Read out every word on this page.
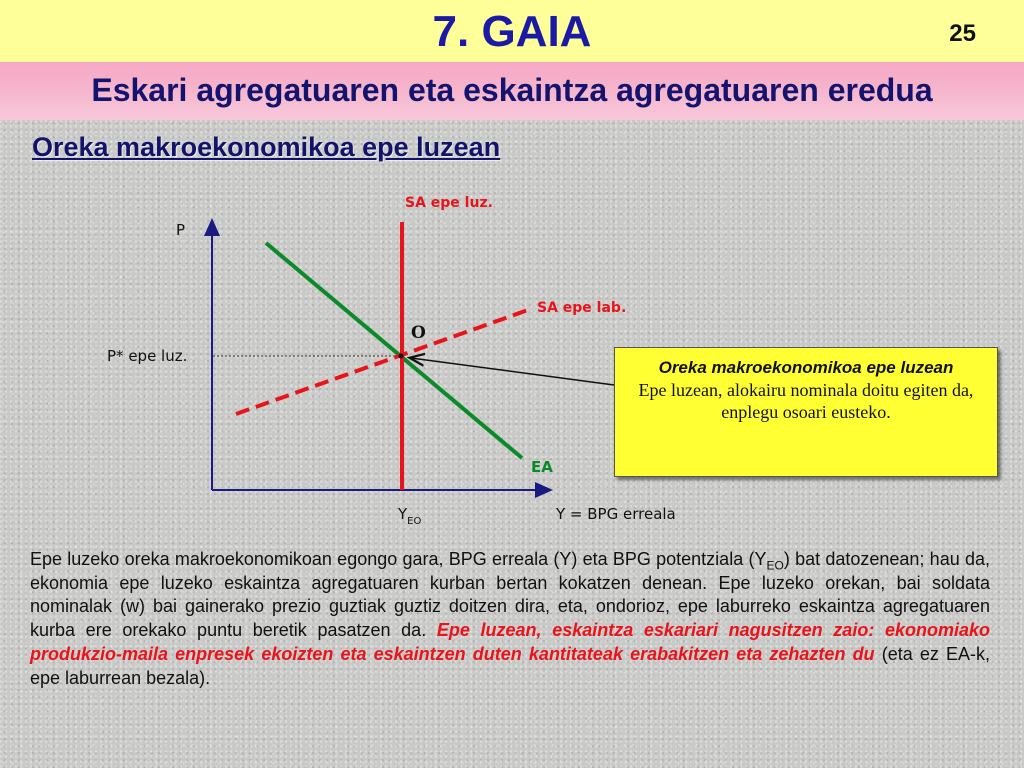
7. GAIA	25
Eskari agregatuaren eta eskaintza agregatuaren eredua
Oreka makroekonomikoa epe luzean
P
Y = BPG erreala
P* epe luz.
EA
SA epe lab.
SA epe luz.
O
$Y_{EO}$
Oreka makroekonomikoa epe luzean
Epe luzean, alokairu nominala doitu egiten da, enplegu osoari eusteko.
Epe luzeko oreka makroekonomikoan egongo gara, BPG erreala (Y) eta BPG potentziala $(Y_{EO})$ bat datozenean; hau da, ekonomia epe luzeko eskaintza agregatuaren kurban bertan kokatzen denean. Epe luzeko orekan, bai soldata nominalak (w) bai gainerako prezio guztiak guztiz doitzen dira, eta, ondorioz, epe laburreko eskaintza agregatuaren kurba ere orekako puntu beretik pasatzen da. Epe luzean, eskaintza eskariari nagusitzen zaio: ekonomiako produkzio-maila enpresek ekoizten eta eskaintzen duten kantitateak erabakitzen eta zehazten du (eta ez EA-k, epe laburrean bezala).
